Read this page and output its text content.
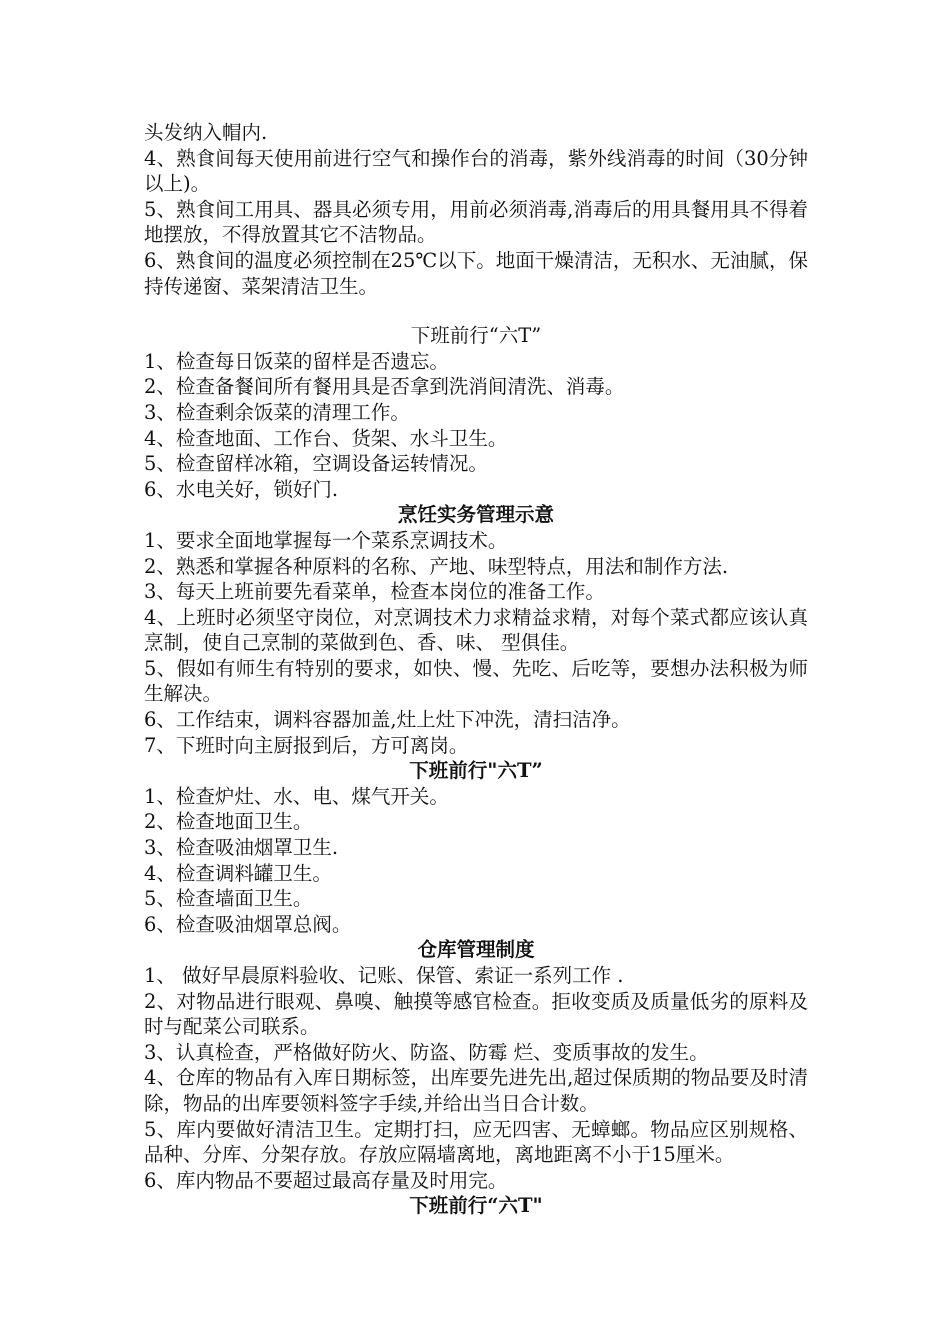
头发纳入帽内.

4、熟食间每天使用前进行空气和操作台的消毒，紫外线消毒的时间（30分钟以上)。

5、熟食间工用具、器具必须专用，用前必须消毒,消毒后的用具餐用具不得着地摆放，不得放置其它不洁物品。

6、熟食间的温度必须控制在25℃以下。地面干燥清洁，无积水、无油腻，保持传递窗、菜架清洁卫生。

下班前行“六T”

1、检查每日饭菜的留样是否遗忘。

2、检查备餐间所有餐用具是否拿到洗消间清洗、消毒。

3、检查剩余饭菜的清理工作。

4、检查地面、工作台、货架、水斗卫生。

5、检查留样冰箱，空调设备运转情况。

6、水电关好，锁好门.

烹饪实务管理示意

1、要求全面地掌握每一个菜系烹调技术。

2、熟悉和掌握各种原料的名称、产地、味型特点，用法和制作方法.

3、每天上班前要先看菜单，检查本岗位的准备工作。

4、上班时必须坚守岗位，对烹调技术力求精益求精，对每个菜式都应该认真烹制，使自己烹制的菜做到色、香、味、 型俱佳。

5、假如有师生有特别的要求，如快、慢、先吃、后吃等，要想办法积极为师生解决。

6、工作结束，调料容器加盖,灶上灶下冲洗，清扫洁净。

7、下班时向主厨报到后，方可离岗。

下班前行"六T”

1、检查炉灶、水、电、煤气开关。

2、检查地面卫生。

3、检查吸油烟罩卫生.

4、检查调料罐卫生。

5、检查墙面卫生。

6、检查吸油烟罩总阀。

仓库管理制度

1、 做好早晨原料验收、记账、保管、索证一系列工作 .

2、对物品进行眼观、鼻嗅、触摸等感官检查。拒收变质及质量低劣的原料及时与配菜公司联系。

3、认真检查，严格做好防火、防盗、防霉 烂、变质事故的发生。

4、仓库的物品有入库日期标签，出库要先进先出,超过保质期的物品要及时清除，物品的出库要领料签字手续,并给出当日合计数。

5、库内要做好清洁卫生。定期打扫，应无四害、无蟑螂。物品应区别规格、品种、分库、分架存放。存放应隔墙离地，离地距离不小于15厘米。

6、库内物品不要超过最高存量及时用完。

下班前行“六T"
